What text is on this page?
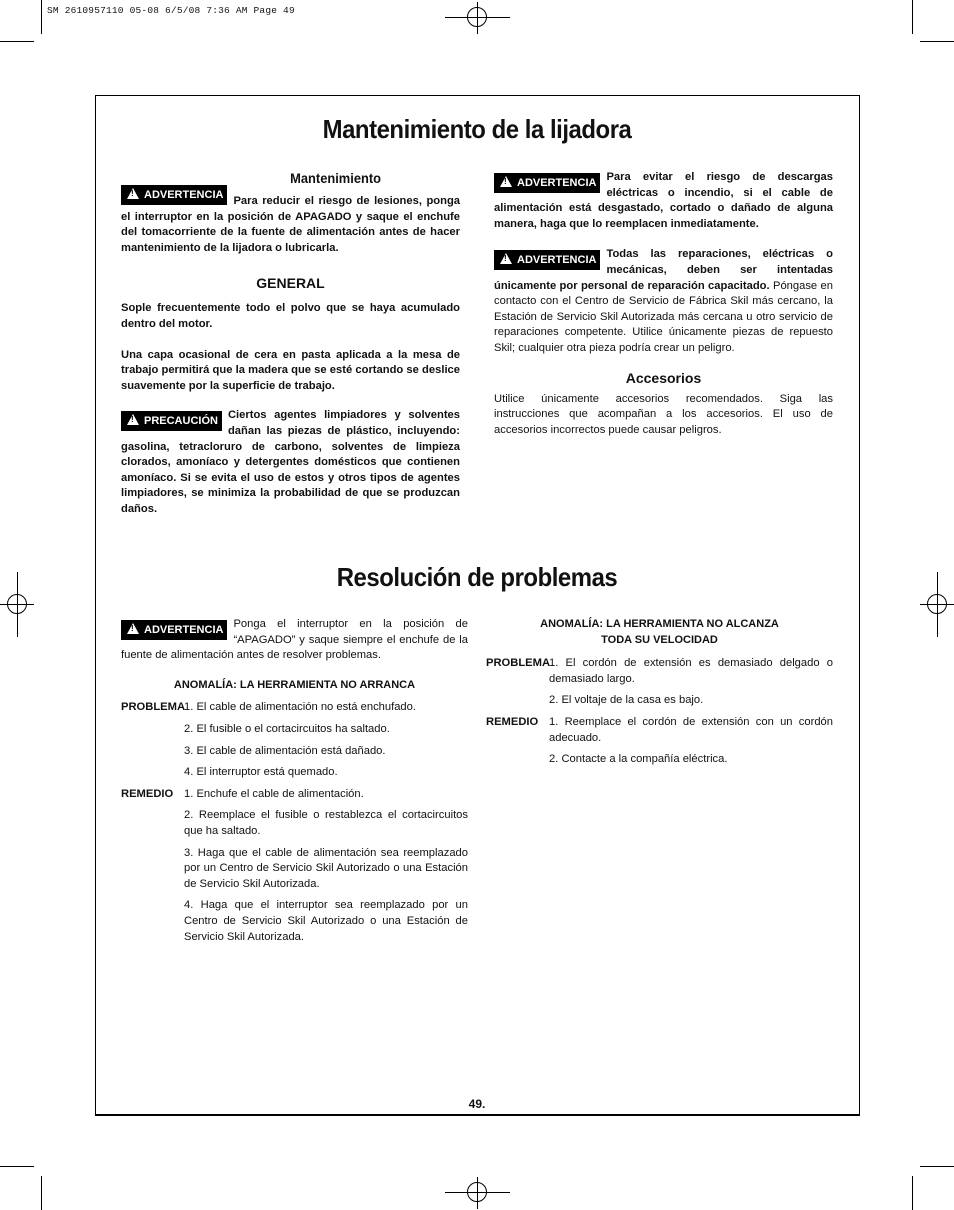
SM 2610957110 05-08 6/5/08 7:36 AM Page 49
Mantenimiento de la lijadora
Mantenimiento
!ADVERTENCIA Para reducir el riesgo de lesiones, ponga el interruptor en la posición de APAGADO y saque el enchufe del tomacorriente de la fuente de alimentación antes de hacer mantenimiento de la lijadora o lubricarla.

GENERAL

Sople frecuentemente todo el polvo que se haya acumulado dentro del motor.

Una capa ocasional de cera en pasta aplicada a la mesa de trabajo permitirá que la madera que se esté cortando se deslice suavemente por la superficie de trabajo.

!PRECAUCIÓN Ciertos agentes limpiadores y solventes dañan las piezas de plástico, incluyendo: gasolina, tetracloruro de carbono, solventes de limpieza clorados, amoníaco y detergentes domésticos que contienen amoníaco. Si se evita el uso de estos y otros tipos de agentes limpiadores, se minimiza la probabilidad de que se produzcan daños.

!ADVERTENCIA Para evitar el riesgo de descargas eléctricas o incendio, si el cable de alimentación está desgastado, cortado o dañado de alguna manera, haga que lo reemplacen inmediatamente.

!ADVERTENCIA Todas las reparaciones, eléctricas o mecánicas, deben ser intentadas únicamente por personal de reparación capacitado. Póngase en contacto con el Centro de Servicio de Fábrica Skil más cercano, la Estación de Servicio Skil Autorizada más cercana u otro servicio de reparaciones competente. Utilice únicamente piezas de repuesto Skil; cualquier otra pieza podría crear un peligro.

Accesorios

Utilice únicamente accesorios recomendados. Siga las instrucciones que acompañan a los accesorios. El uso de accesorios incorrectos puede causar peligros.

Resolución de problemas
!ADVERTENCIA Ponga el interruptor en la posición de “APAGADO” y saque siempre el enchufe de la fuente de alimentación antes de resolver problemas.

ANOMALÍA: LA HERRAMIENTA NO ARRANCA
PROBLEMA
1. El cable de alimentación no está enchufado.
2. El fusible o el cortacircuitos ha saltado.
3. El cable de alimentación está dañado.
4. El interruptor está quemado.
REMEDIO 1. Enchufe el cable de alimentación.
2. Reemplace el fusible o restablezca el cortacircuitos que ha saltado.
3. Haga que el cable de alimentación sea reemplazado por un Centro de Servicio Skil Autorizado o una Estación de Servicio Skil Autorizada.
4. Haga que el interruptor sea reemplazado por un Centro de Servicio Skil Autorizado o una Estación de Servicio Skil Autorizada.
ANOMALÍA: LA HERRAMIENTA NO ALCANZA
TODA SU VELOCIDAD
PROBLEMA
1. El cordón de extensión es demasiado delgado o demasiado largo.
2. El voltaje de la casa es bajo.
REMEDIO 1. Reemplace el cordón de extensión con un cordón adecuado.
2. Contacte a la compañía eléctrica.
49.
